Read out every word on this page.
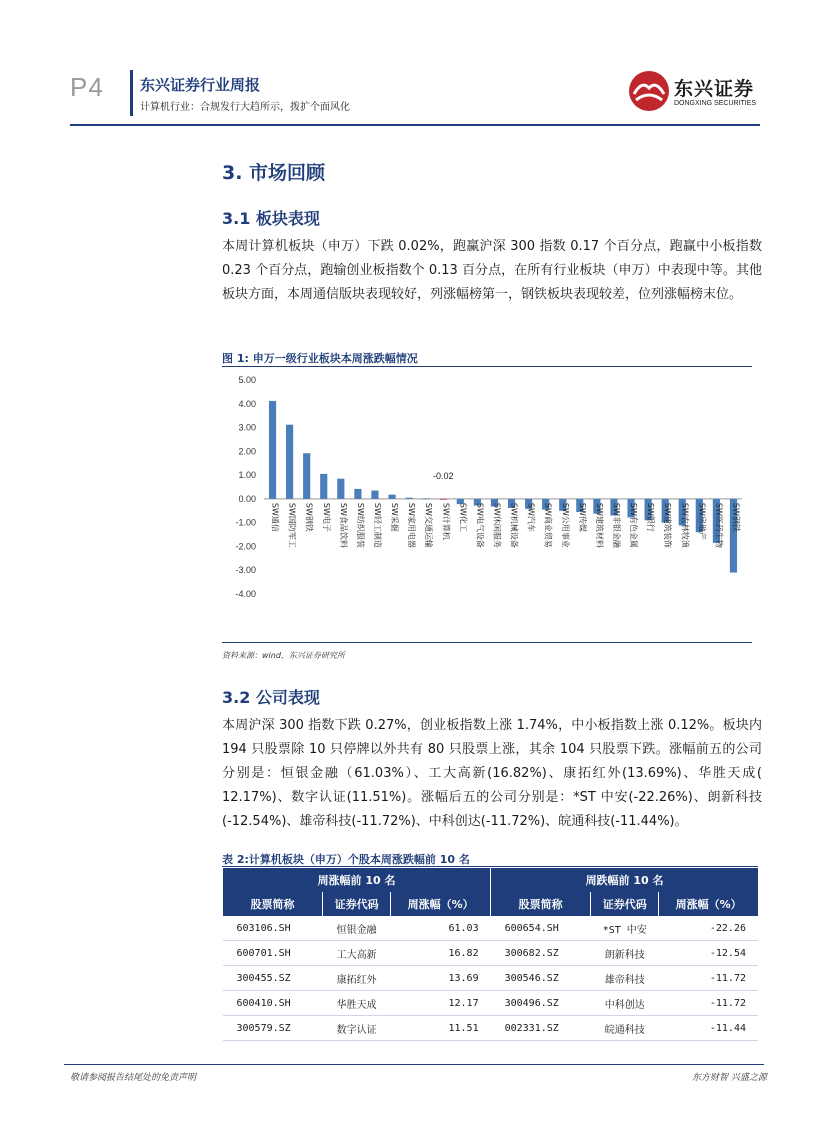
P4 东兴证券行业周报
计算机行业：合规发行大趋所示，拨扩个面风化
东兴证券
DONGXING SECURITIES
3. 市场回顾
3.1 板块表现
本周计算机板块（申万）下跌 0.02%，跑赢沪深 300 指数 0.17 个百分点，跑赢中小板指数 0.23 个百分点，跑输创业板指数个 0.13 百分点，在所有行业板块（申万）中表现中等。其他板块方面，本周通信版块表现较好，列涨幅榜第一，钢铁板块表现较差，位列涨幅榜末位。
图 1: 申万一级行业板块本周涨跌幅情况
5.00
4.00
3.00
2.00
1.00
0.00
-1.00
-2.00
-3.00
-4.00
SW通信 SW国防军工 SW钢铁 SW电子 SW食品饮料 SW纺织服装 SW轻工制造 SW采掘 SW家用电器 SW交通运输 SW计算机 SW化工 SW电气设备 SW休闲服务 SW机械设备 SW汽车 SW商业贸易 SW公用事业 SW传媒 SW建筑材料 SW非银金融 SW有色金属 SW银行 SW建筑装饰 SW农林牧渔 SW房地产 SW医药生物 SW钢铁
-0.02
资料来源：wind，东兴证券研究所
3.2 公司表现
本周沪深 300 指数下跌 0.27%，创业板指数上涨 1.74%，中小板指数上涨 0.12%。板块内 194 只股票除 10 只停牌以外共有 80 只股票上涨，其余 104 只股票下跌。涨幅前五的公司分别是：恒银金融（61.03%）、工大高新(16.82%)、康拓红外(13.69%)、华胜天成( 12.17%)、数字认证(11.51%)。涨幅后五的公司分别是：*ST 中安(-22.26%)、朗新科技(-12.54%)、雄帝科技(-11.72%)、中科创达(-11.72%)、皖通科技(-11.44%)。
表 2:计算机板块（申万）个股本周涨跌幅前 10 名
周涨幅前 10 名			周跌幅前 10 名		
股票简称	证券代码	周涨幅（%）	股票简称	证券代码	周涨幅（%）
603106.SH	恒银金融	61.03	600654.SH	*ST 中安	-22.26
600701.SH	工大高新	16.82	300682.SZ	朗新科技	-12.54
300455.SZ	康拓红外	13.69	300546.SZ	雄帝科技	-11.72
600410.SH	华胜天成	12.17	300496.SZ	中科创达	-11.72
300579.SZ	数字认证	11.51	002331.SZ	皖通科技	-11.44
敬请参阅报告结尾处的免责声明	东方财智 兴盛之源
